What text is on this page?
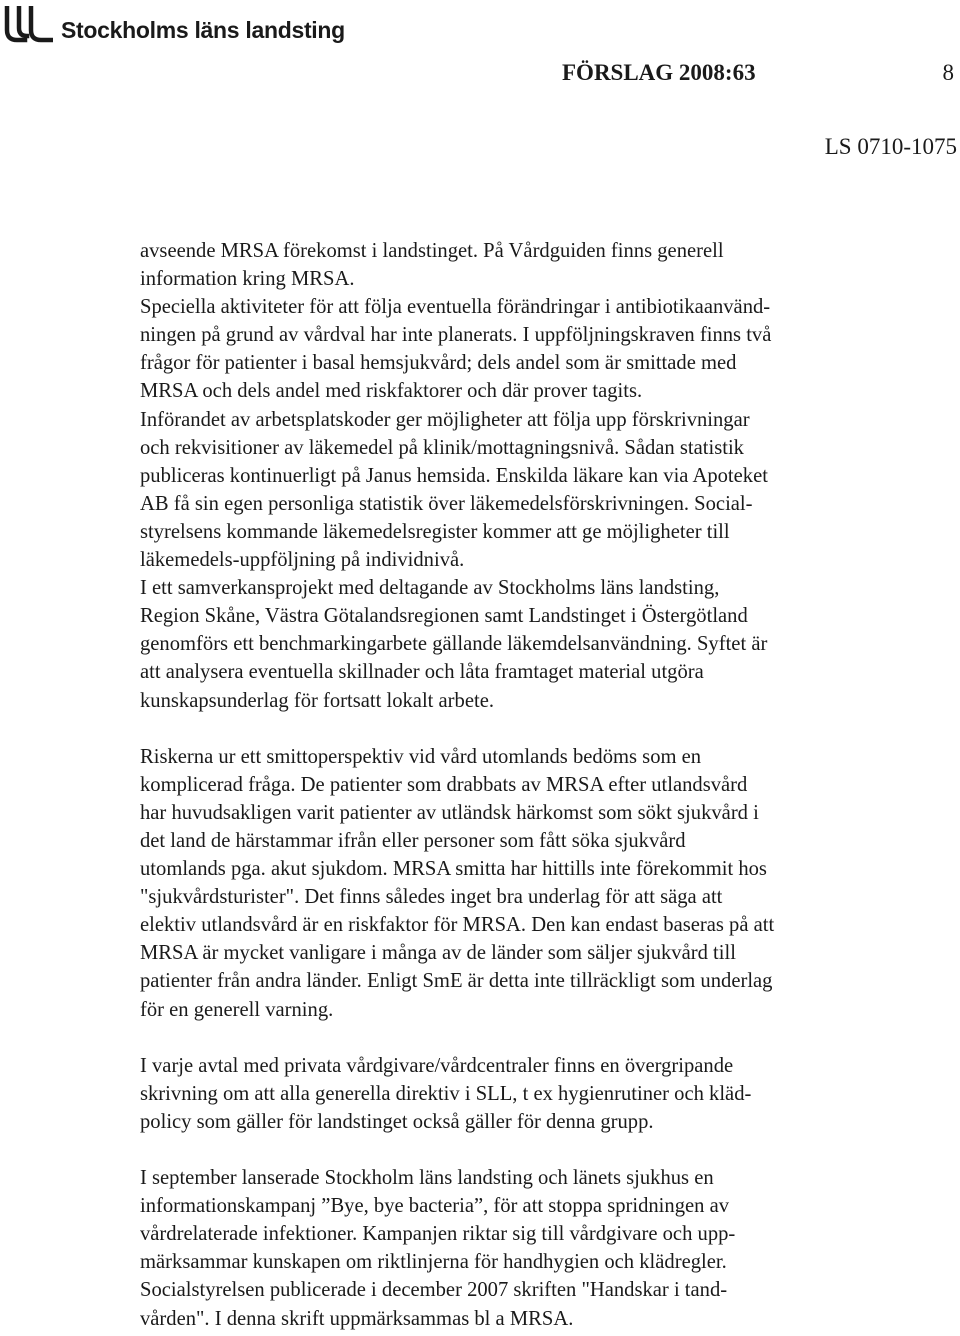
Stockholms läns landsting
FÖRSLAG 2008:63	8
LS 0710-1075
avseende MRSA förekomst i landstinget. På Vårdguiden finns generell
information kring MRSA.
Speciella aktiviteter för att följa eventuella förändringar i antibiotikaanvänd-
ningen på grund av vårdval har inte planerats. I uppföljningskraven finns två
frågor för patienter i basal hemsjukvård; dels andel som är smittade med
MRSA och dels andel med riskfaktorer och där prover tagits.
Införandet av arbetsplatskoder ger möjligheter att följa upp förskrivningar
och rekvisitioner av läkemedel på klinik/mottagningsnivå. Sådan statistik
publiceras kontinuerligt på Janus hemsida. Enskilda läkare kan via Apoteket
AB få sin egen personliga statistik över läkemedelsförskrivningen. Social-
styrelsens kommande läkemedelsregister kommer att ge möjligheter till
läkemedels-uppföljning på individnivå.
I ett samverkansprojekt med deltagande av Stockholms läns landsting,
Region Skåne, Västra Götalandsregionen samt Landstinget i Östergötland
genomförs ett benchmarkingarbete gällande läkemdelsanvändning. Syftet är
att analysera eventuella skillnader och låta framtaget material utgöra
kunskapsunderlag för fortsatt lokalt arbete.
Riskerna ur ett smittoperspektiv vid vård utomlands bedöms som en
komplicerad fråga. De patienter som drabbats av MRSA efter utlandsvård
har huvudsakligen varit patienter av utländsk härkomst som sökt sjukvård i
det land de härstammar ifrån eller personer som fått söka sjukvård
utomlands pga. akut sjukdom. MRSA smitta har hittills inte förekommit hos
"sjukvårdsturister". Det finns således inget bra underlag för att säga att
elektiv utlandsvård är en riskfaktor för MRSA. Den kan endast baseras på att
MRSA är mycket vanligare i många av de länder som säljer sjukvård till
patienter från andra länder. Enligt SmE är detta inte tillräckligt som underlag
för en generell varning.
I varje avtal med privata vårdgivare/vårdcentraler finns en övergripande
skrivning om att alla generella direktiv i SLL, t ex hygienrutiner och kläd-
policy som gäller för landstinget också gäller för denna grupp.
I september lanserade Stockholm läns landsting och länets sjukhus en
informationskampanj ”Bye, bye bacteria”, för att stoppa spridningen av
vårdrelaterade infektioner. Kampanjen riktar sig till vårdgivare och upp-
märksammar kunskapen om riktlinjerna för handhygien och klädregler.
Socialstyrelsen publicerade i december 2007 skriften "Handskar i tand-
vården". I denna skrift uppmärksammas bl a MRSA.
